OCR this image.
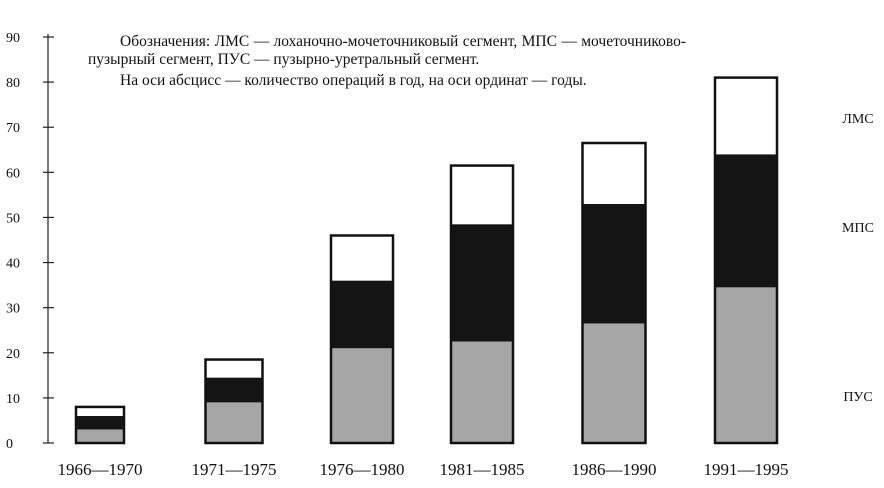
Обозначения: ЛМС — лоханочно-мочеточниковый сегмент, МПС — мочеточниково-пузырный сегмент, ПУС — пузырно-уретральный сегмент.

На оси абсцисс — количество операций в год, на оси ординат — годы.

0
10
20
30
40
50
60
70
80
90
1966—1970	1971—1975	1976—1980 1981—1985	1986—1990	1991—1995
ПУС
МПС
ЛМС
